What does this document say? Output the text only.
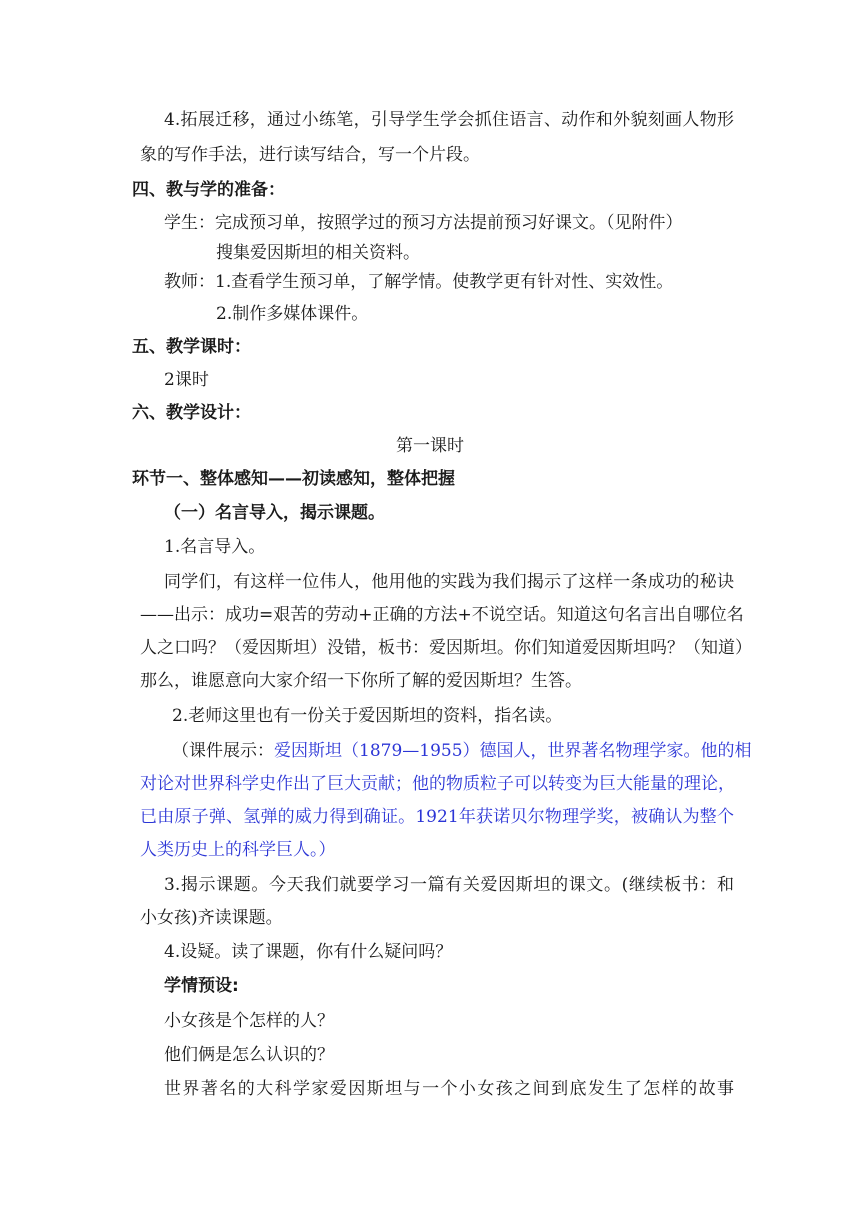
4.拓展迁移，通过小练笔，引导学生学会抓住语言、动作和外貌刻画人物形
象的写作手法，进行读写结合，写一个片段。
四、教与学的准备：
学生：完成预习单，按照学过的预习方法提前预习好课文。（见附件）
搜集爱因斯坦的相关资料。
教师：1.查看学生预习单，了解学情。使教学更有针对性、实效性。
2.制作多媒体课件。
五、教学课时：
2课时
六、教学设计：
第一课时
环节一、整体感知——初读感知，整体把握
（一）名言导入，揭示课题。
1.名言导入。
同学们，有这样一位伟人，他用他的实践为我们揭示了这样一条成功的秘诀
——出示：成功=艰苦的劳动+正确的方法+不说空话。知道这句名言出自哪位名
人之口吗？（爱因斯坦）没错，板书：爱因斯坦。你们知道爱因斯坦吗？（知道）
那么，谁愿意向大家介绍一下你所了解的爱因斯坦？生答。
2.老师这里也有一份关于爱因斯坦的资料，指名读。
（课件展示：爱因斯坦（1879—1955）德国人，世界著名物理学家。他的相
对论对世界科学史作出了巨大贡献；他的物质粒子可以转变为巨大能量的理论，
已由原子弹、氢弹的威力得到确证。1921年获诺贝尔物理学奖，被确认为整个
人类历史上的科学巨人。）
3.揭示课题。今天我们就要学习一篇有关爱因斯坦的课文。(继续板书：和
小女孩)齐读课题。
4.设疑。读了课题，你有什么疑问吗？
学情预设:
小女孩是个怎样的人？
他们俩是怎么认识的？
世界著名的大科学家爱因斯坦与一个小女孩之间到底发生了怎样的故事
